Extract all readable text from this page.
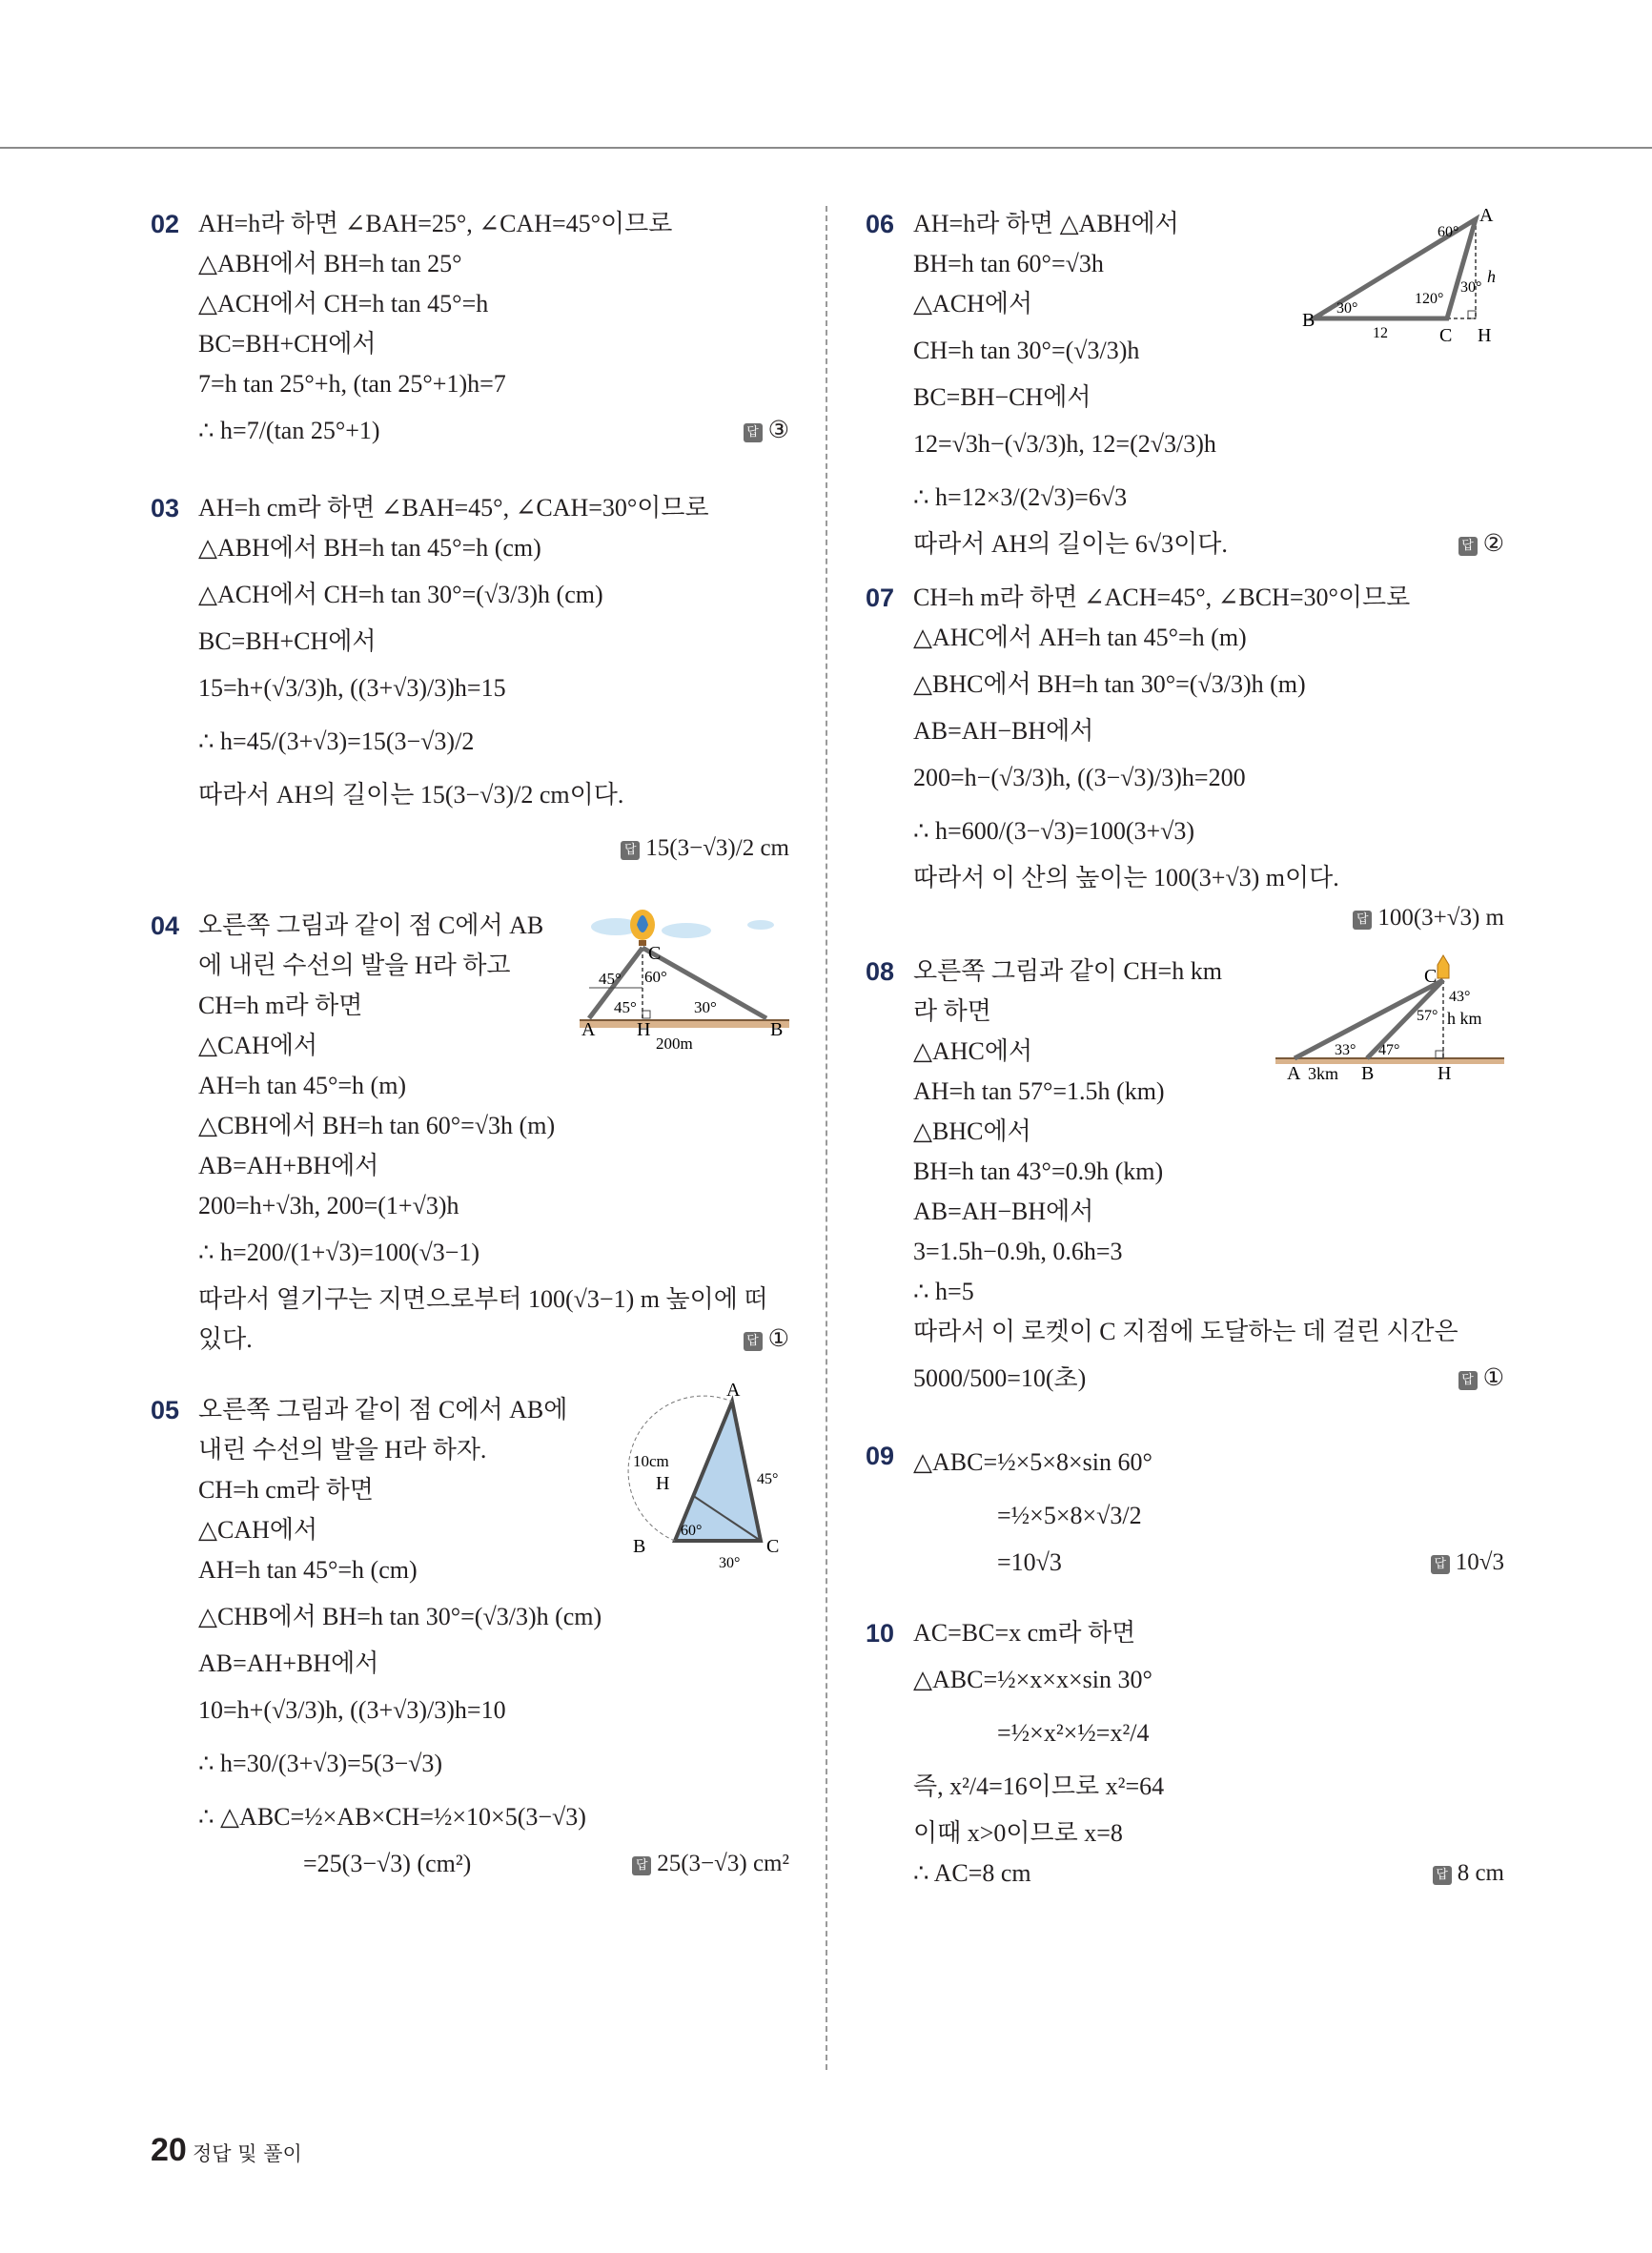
02 AH=h라 하면 ∠BAH=25°, ∠CAH=45°이므로
△ABH에서 BH=h tan 25°
△ACH에서 CH=h tan 45°=h
BC=BH+CH에서
7=h tan 25°+h, (tan 25°+1)h=7
∴ h=7/(tan 25°+1)	답 ③
03 AH=h cm라 하면 ∠BAH=45°, ∠CAH=30°이므로
△ABH에서 BH=h tan 45°=h (cm)
△ACH에서 CH=h tan 30°=(√3/3)h (cm)
BC=BH+CH에서
15=h+(√3/3)h, ((3+√3)/3)h=15
∴ h=45/(3+√3)=15(3−√3)/2
따라서 AH의 길이는 15(3−√3)/2 cm이다.
답 15(3−√3)/2 cm
04
A H	B
C
45° 60°
45°	30°
200m
오른쪽 그림과 같이 점 C에서 AB
에 내린 수선의 발을 H라 하고
CH=h m라 하면
△CAH에서
AH=h tan 45°=h (m)
△CBH에서 BH=h tan 60°=√3h (m)
AB=AH+BH에서
200=h+√3h, 200=(1+√3)h
∴ h=200/(1+√3)=100(√3−1)
따라서 열기구는 지면으로부터 100(√3−1) m 높이에 떠
있다.	답 ①
05
A
H
B	C
10cm
45°
60°
30°
오른쪽 그림과 같이 점 C에서 AB에
내린 수선의 발을 H라 하자.
CH=h cm라 하면
△CAH에서
AH=h tan 45°=h (cm)
△CHB에서 BH=h tan 30°=(√3/3)h (cm)
AB=AH+BH에서
10=h+(√3/3)h, ((3+√3)/3)h=10
∴ h=30/(3+√3)=5(3−√3)
∴ △ABC=½×AB×CH=½×10×5(3−√3)
=25(3−√3) (cm²)	답 25(3−√3) cm²
06	A
B
C H
60°
30°
120°
30°
h
12
AH=h라 하면 △ABH에서
BH=h tan 60°=√3h
△ACH에서
CH=h tan 30°=(√3/3)h
BC=BH−CH에서
12=√3h−(√3/3)h, 12=(2√3/3)h
∴ h=12×3/(2√3)=6√3
따라서 AH의 길이는 6√3이다.	답 ②
07 CH=h m라 하면 ∠ACH=45°, ∠BCH=30°이므로
△AHC에서 AH=h tan 45°=h (m)
△BHC에서 BH=h tan 30°=(√3/3)h (m)
AB=AH−BH에서
200=h−(√3/3)h, ((3−√3)/3)h=200
∴ h=600/(3−√3)=100(3+√3)
따라서 이 산의 높이는 100(3+√3) m이다.
답 100(3+√3) m
08	C
43°
57° h km
33° 47°
A 3km B	H
오른쪽 그림과 같이 CH=h km
라 하면
△AHC에서
AH=h tan 57°=1.5h (km)
△BHC에서
BH=h tan 43°=0.9h (km)
AB=AH−BH에서
3=1.5h−0.9h, 0.6h=3
∴ h=5
따라서 이 로켓이 C 지점에 도달하는 데 걸린 시간은
5000/500=10(초)	답 ①
09 △ABC=½×5×8×sin 60°
=½×5×8×√3/2
=10√3	답 10√3
10 AC=BC=x cm라 하면
△ABC=½×x×x×sin 30°
=½×x²×½=x²/4
즉, x²/4=16이므로 x²=64
이때 x>0이므로 x=8
∴ AC=8 cm	답 8 cm
20 정답 및 풀이
